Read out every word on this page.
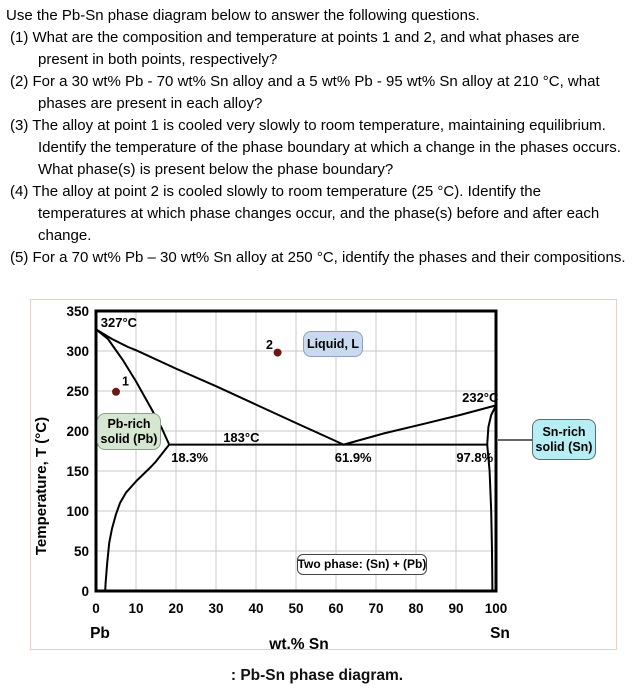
Use the Pb-Sn phase diagram below to answer the following questions.
(1) What are the composition and temperature at points 1 and 2, and what phases are present in both points, respectively?
(2) For a 30 wt% Pb - 70 wt% Sn alloy and a 5 wt% Pb - 95 wt% Sn alloy at 210 °C, what phases are present in each alloy?
(3) The alloy at point 1 is cooled very slowly to room temperature, maintaining equilibrium. Identify the temperature of the phase boundary at which a change in the phases occurs. What phase(s) is present below the phase boundary?
(4) The alloy at point 2 is cooled slowly to room temperature (25 °C). Identify the temperatures at which phase changes occur, and the phase(s) before and after each change.
(5) For a 70 wt% Pb – 30 wt% Sn alloy at 250 °C, identify the phases and their compositions.
1
2
327°C
232°C
183°C
18.3%	61.9%	97.8%
0 10 20 30 40 50 60 70 80 90 100
0
50
100
150
200
250
300
350
Pb	Sn
wt.% Sn
Temperature, T (°C)
Liquid, L
Pb-rich
solid (Pb)	Sn-rich
solid (Sn)
Two phase: (Sn) + (Pb)
: Pb-Sn phase diagram.
